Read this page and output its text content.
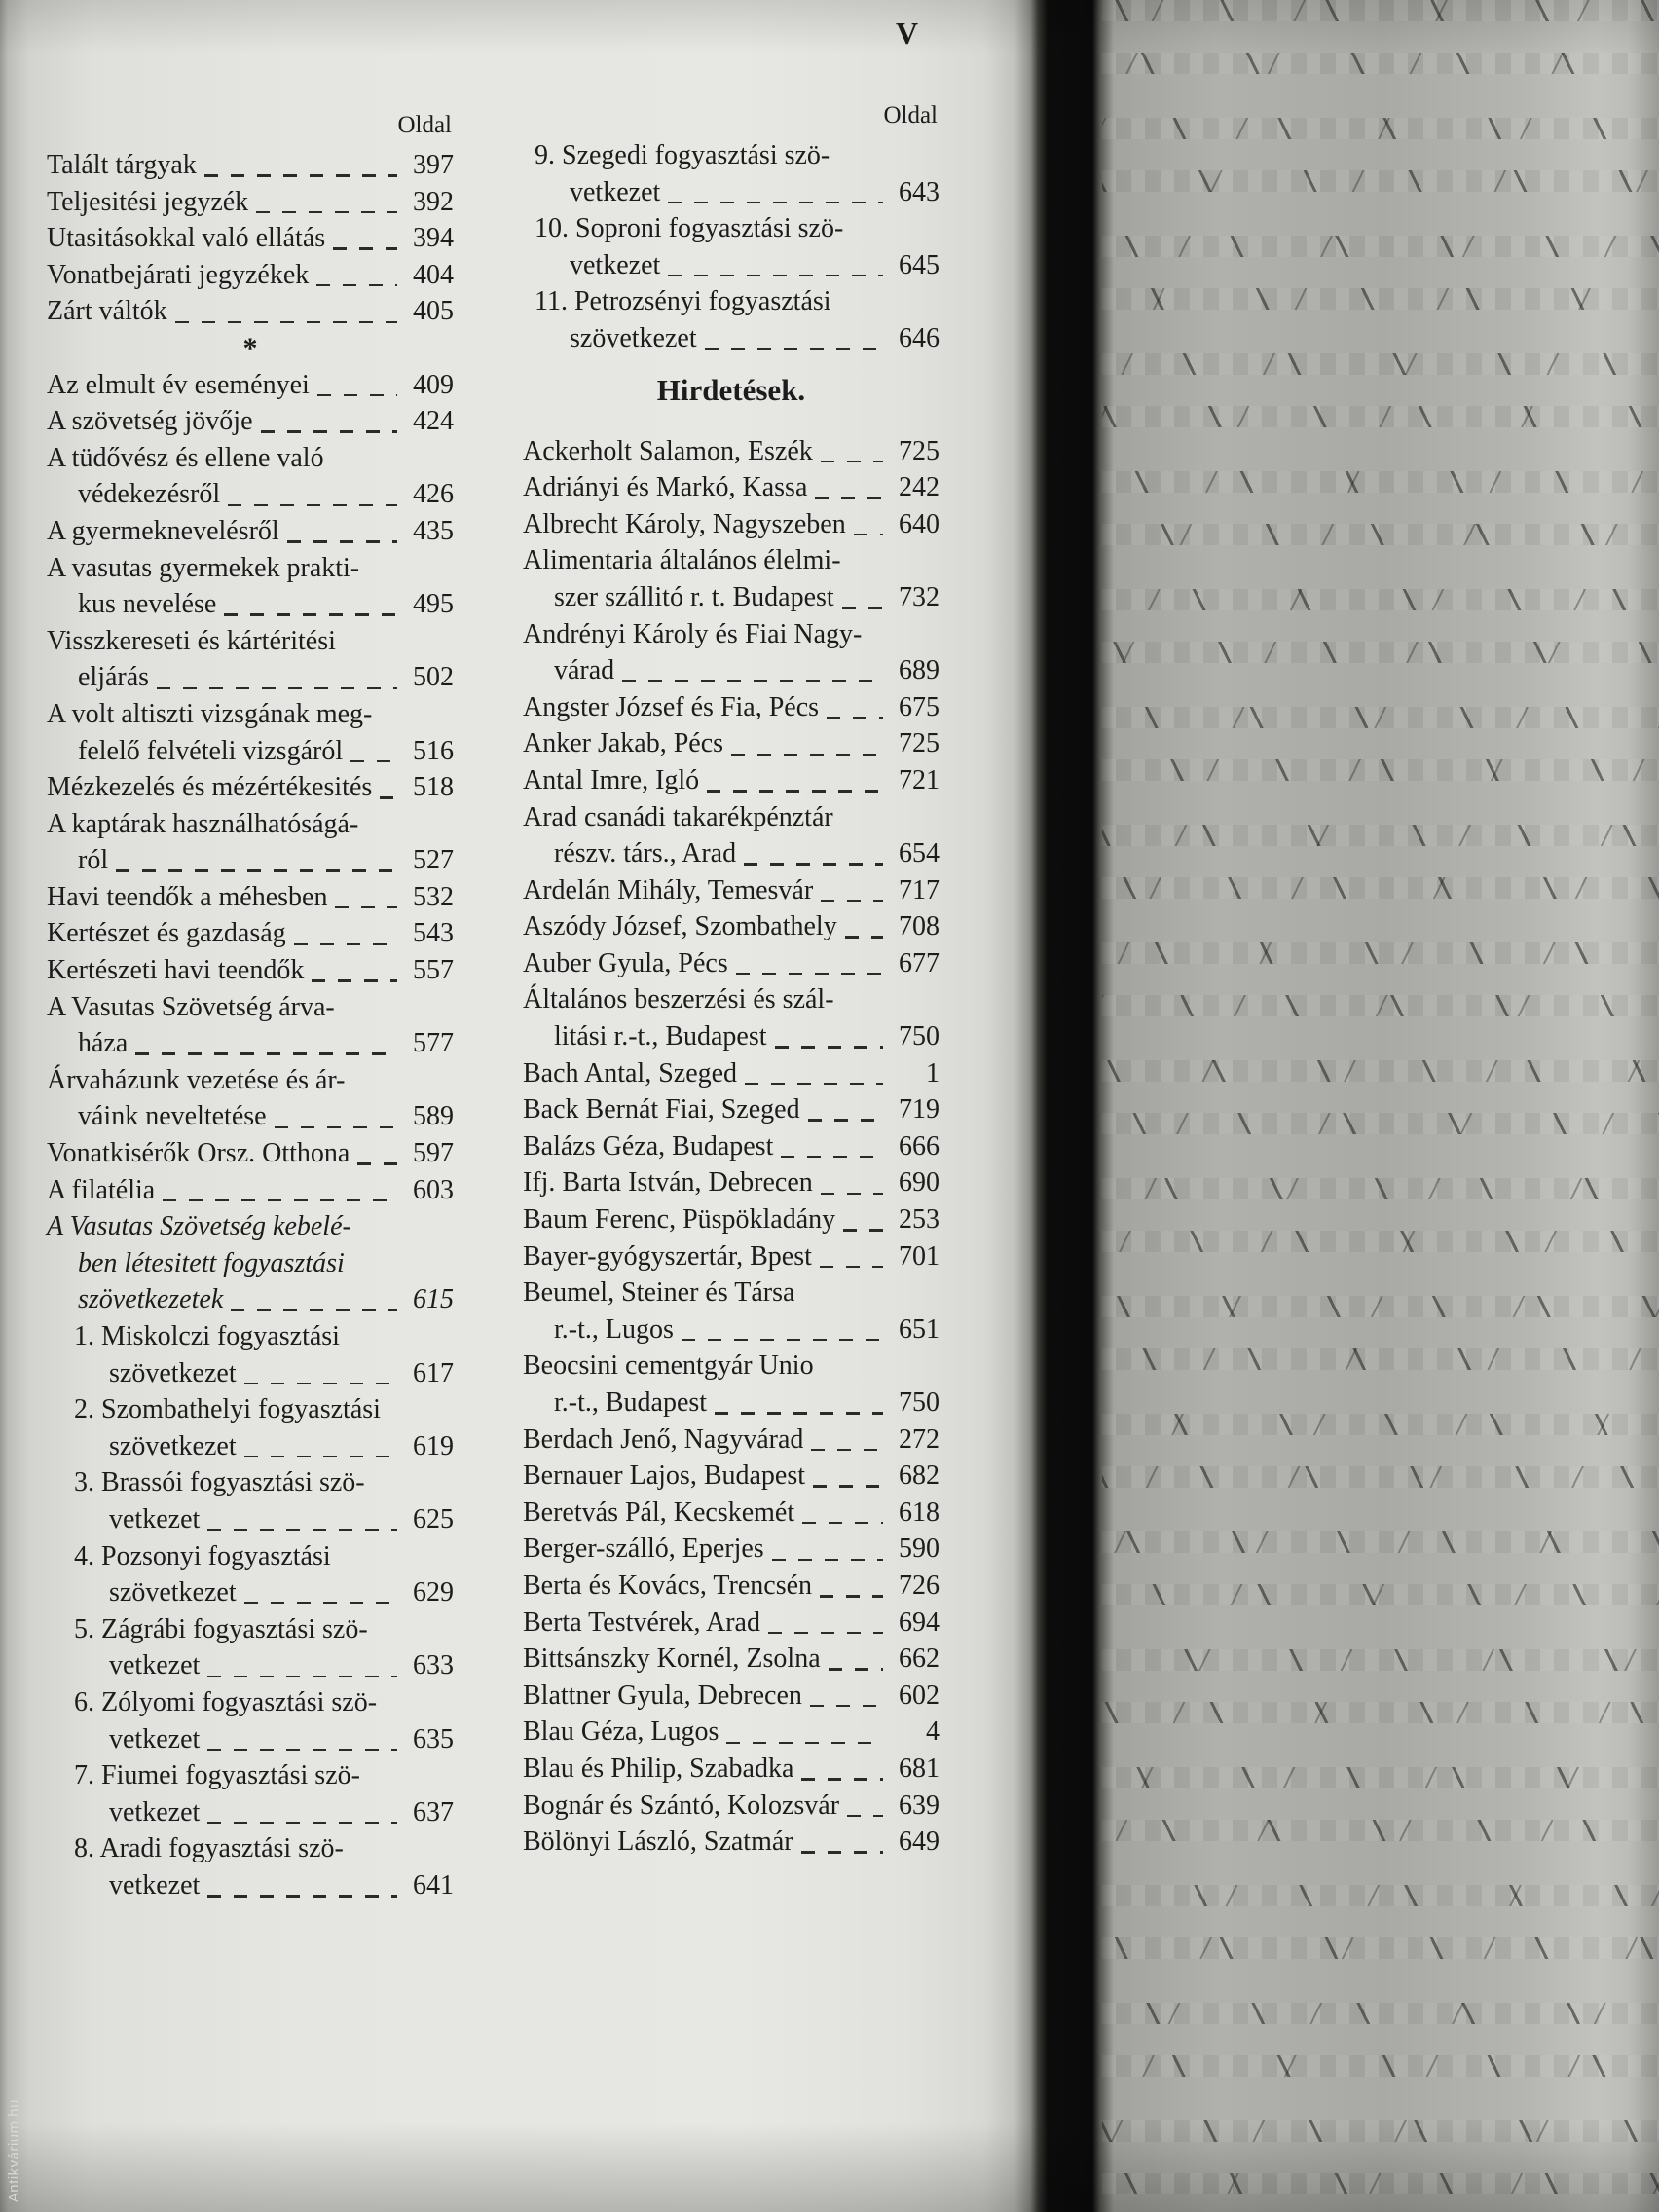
V
Oldal
Talált tárgyak	397
Teljesitési jegyzék	392
Utasitásokkal való ellátás	394
Vonatbejárati jegyzékek	404
Zárt váltók	405
*
Az elmult év eseményei	409
A szövetség jövője	424
A tüdővész és ellene való
védekezésről	426
A gyermeknevelésről	435
A vasutas gyermekek prakti-
kus nevelése	495
Visszkereseti és kártéritési
eljárás	502
A volt altiszti vizsgának meg-
felelő felvételi vizsgáról	516
Mézkezelés és mézértékesités	518
A kaptárak használhatóságá-
ról	527
Havi teendők a méhesben	532
Kertészet és gazdaság	543
Kertészeti havi teendők	557
A Vasutas Szövetség árva-
háza	577
Árvaházunk vezetése és ár-
váink neveltetése	589
Vonatkisérők Orsz. Otthona	597
A filatélia	603
A Vasutas Szövetség kebelé-
ben létesitett fogyasztási
szövetkezetek	615
1. Miskolczi fogyasztási
szövetkezet	617
2. Szombathelyi fogyasztási
szövetkezet	619
3. Brassói fogyasztási szö-
vetkezet	625
4. Pozsonyi fogyasztási
szövetkezet	629
5. Zágrábi fogyasztási szö-
vetkezet	633
6. Zólyomi fogyasztási szö-
vetkezet	635
7. Fiumei fogyasztási szö-
vetkezet	637
8. Aradi fogyasztási szö-
vetkezet	641
Oldal
9. Szegedi fogyasztási szö-
vetkezet	643
10. Soproni fogyasztási szö-
vetkezet	645
11. Petrozsényi fogyasztási
szövetkezet	646
Hirdetések.
Ackerholt Salamon, Eszék	725
Adriányi és Markó, Kassa	242
Albrecht Károly, Nagyszeben	640
Alimentaria általános élelmi-
szer szállitó r. t. Budapest	732
Andrényi Károly és Fiai Nagy-
várad	689
Angster József és Fia, Pécs	675
Anker Jakab, Pécs	725
Antal Imre, Igló	721
Arad csanádi takarékpénztár
részv. társ., Arad	654
Ardelán Mihály, Temesvár	717
Aszódy József, Szombathely	708
Auber Gyula, Pécs	677
Általános beszerzési és szál-
litási r.-t., Budapest	750
Bach Antal, Szeged	1
Back Bernát Fiai, Szeged	719
Balázs Géza, Budapest	666
Ifj. Barta István, Debrecen	690
Baum Ferenc, Püspökladány	253
Bayer-gyógyszertár, Bpest	701
Beumel, Steiner és Társa
r.-t., Lugos	651
Beocsini cementgyár Unio
r.-t., Budapest	750
Berdach Jenő, Nagyvárad	272
Bernauer Lajos, Budapest	682
Beretvás Pál, Kecskemét	618
Berger-szálló, Eperjes	590
Berta és Kovács, Trencsén	726
Berta Testvérek, Arad	694
Bittsánszky Kornél, Zsolna	662
Blattner Gyula, Debrecen	602
Blau Géza, Lugos	4
Blau és Philip, Szabadka	681
Bognár és Szántó, Kolozsvár	639
Bölönyi László, Szatmár	649
Antikvárium.hu
